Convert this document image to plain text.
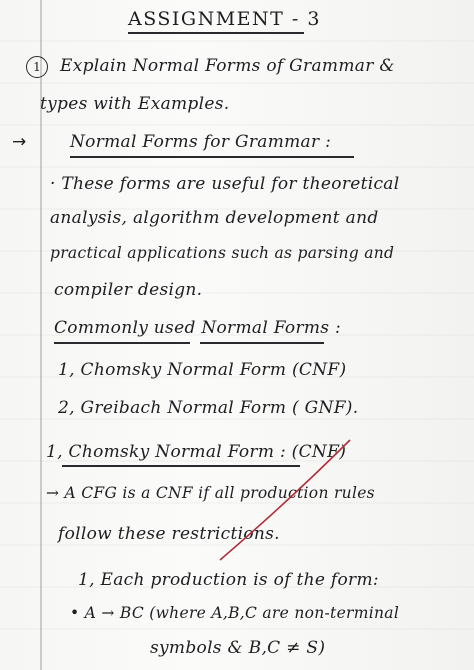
ASSIGNMENT - 3
1	Explain Normal Forms of Grammar &
types with Examples.
→	Normal Forms for Grammar :
· These forms are useful for theoretical
analysis, algorithm development and
practical applications such as parsing and
compiler design.
Commonly used Normal Forms :
1, Chomsky Normal Form (CNF)
2, Greibach Normal Form ( GNF).
1, Chomsky Normal Form : (CNF)
→ A CFG is a CNF if all production rules
follow these restrictions.
1, Each production is of the form:
• A → BC (where A,B,C are non-terminal
symbols & B,C ≠ S)
